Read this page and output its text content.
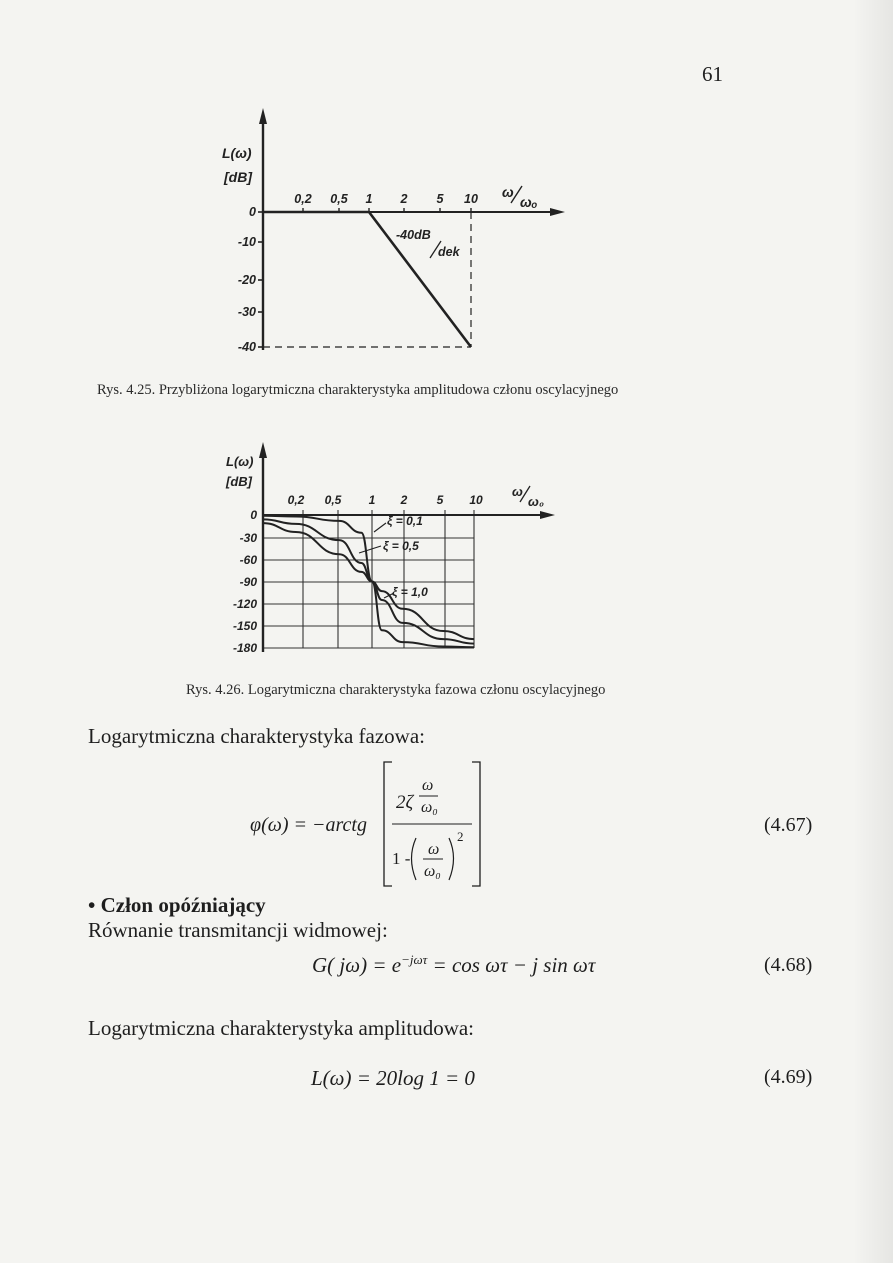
61
0
-10
-20
-30
-40
L(ω)
[dB]
0,2 0,5 1 2 5 10 ω
ωₒ
-40dB
dek
Rys. 4.25. Przybliżona logarytmiczna charakterystyka amplitudowa członu oscylacyjnego
0
-30
-60
-90
-120
-150
-180
L(ω)
[dB]
0,2 0,5 1 2 5 10
ω
ω₀
ξ = 0,1
ξ = 0,5
ξ = 1,0
Rys. 4.26. Logarytmiczna charakterystyka fazowa członu oscylacyjnego
Logarytmiczna charakterystyka fazowa:
φ(ω) = −arctg
2ζ
ω
ω₀
1 - ω
ω₀
2
(4.67)
• Człon opóźniający
Równanie transmitancji widmowej:
G( $j\omega) = e^{-j\omega\tau} = \cos \omega\tau - j$ sin ωτ	(4.68)
Logarytmiczna charakterystyka amplitudowa:
L(ω) = 20log 1 = 0	(4.69)
